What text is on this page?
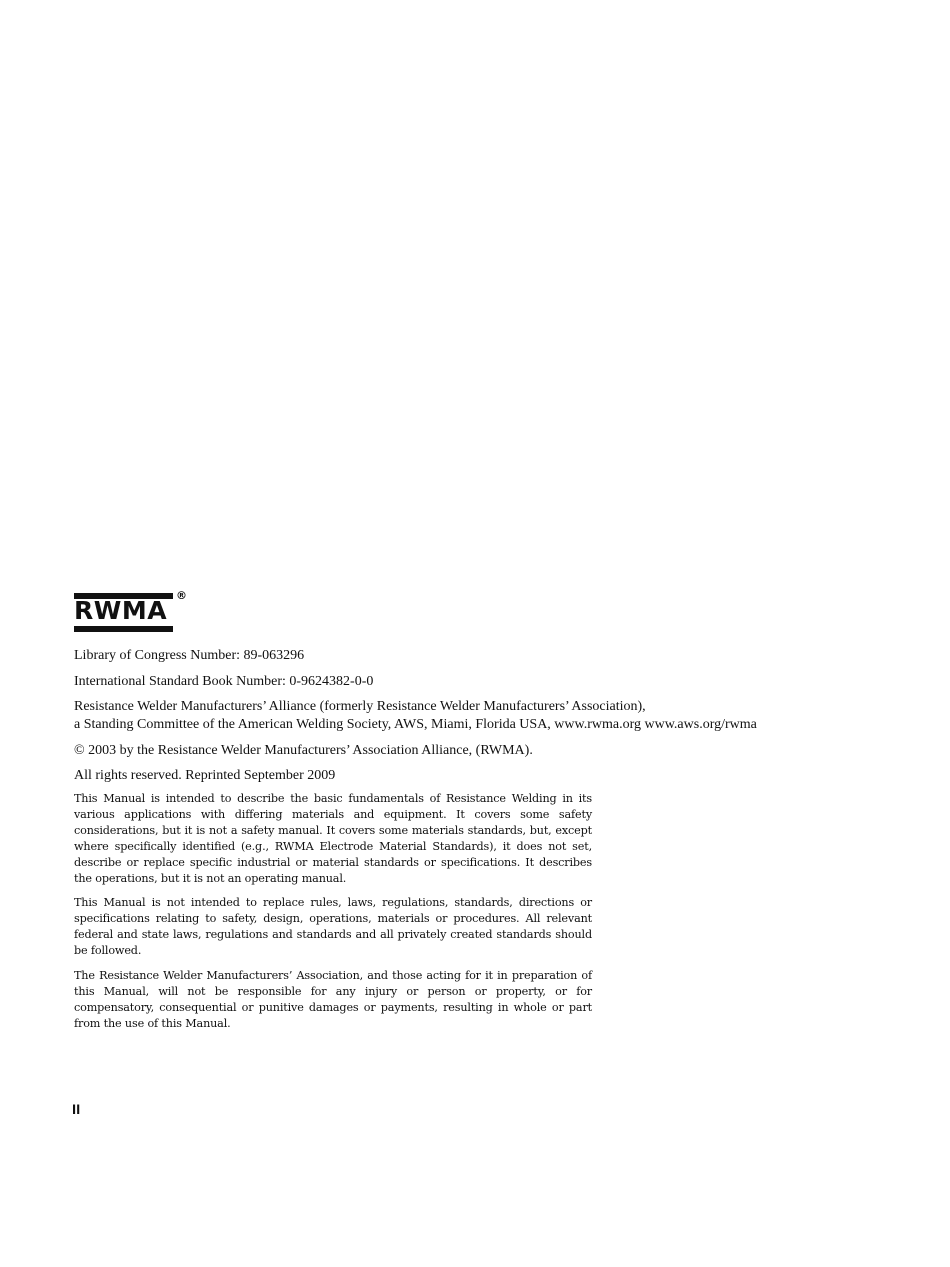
RWMA
®
Library of Congress Number: 89-063296
International Standard Book Number: 0-9624382-0-0
Resistance Welder Manufacturers’ Alliance (formerly Resistance Welder Manufacturers’ Association),
a Standing Committee of the American Welding Society, AWS, Miami, Florida USA, www.rwma.org www.aws.org/rwma
© 2003 by the Resistance Welder Manufacturers’ Association Alliance, (RWMA).
All rights reserved. Reprinted September 2009
This Manual is intended to describe the basic fundamentals of Resistance Welding in its various applications with differing materials and equipment. It covers some safety considerations, but it is not a safety manual. It covers some materials standards, but, except where specifically identified (e.g., RWMA Electrode Material Standards), it does not set, describe or replace specific industrial or material standards or specifications. It describes the operations, but it is not an operating manual.
This Manual is not intended to replace rules, laws, regulations, standards, directions or specifications relating to safety, design, operations, materials or procedures. All relevant federal and state laws, regulations and standards and all privately created standards should be followed.
The Resistance Welder Manufacturers’ Association, and those acting for it in preparation of this Manual, will not be responsible for any injury or person or property, or for compensatory, consequential or punitive damages or payments, resulting in whole or part from the use of this Manual.
ll
